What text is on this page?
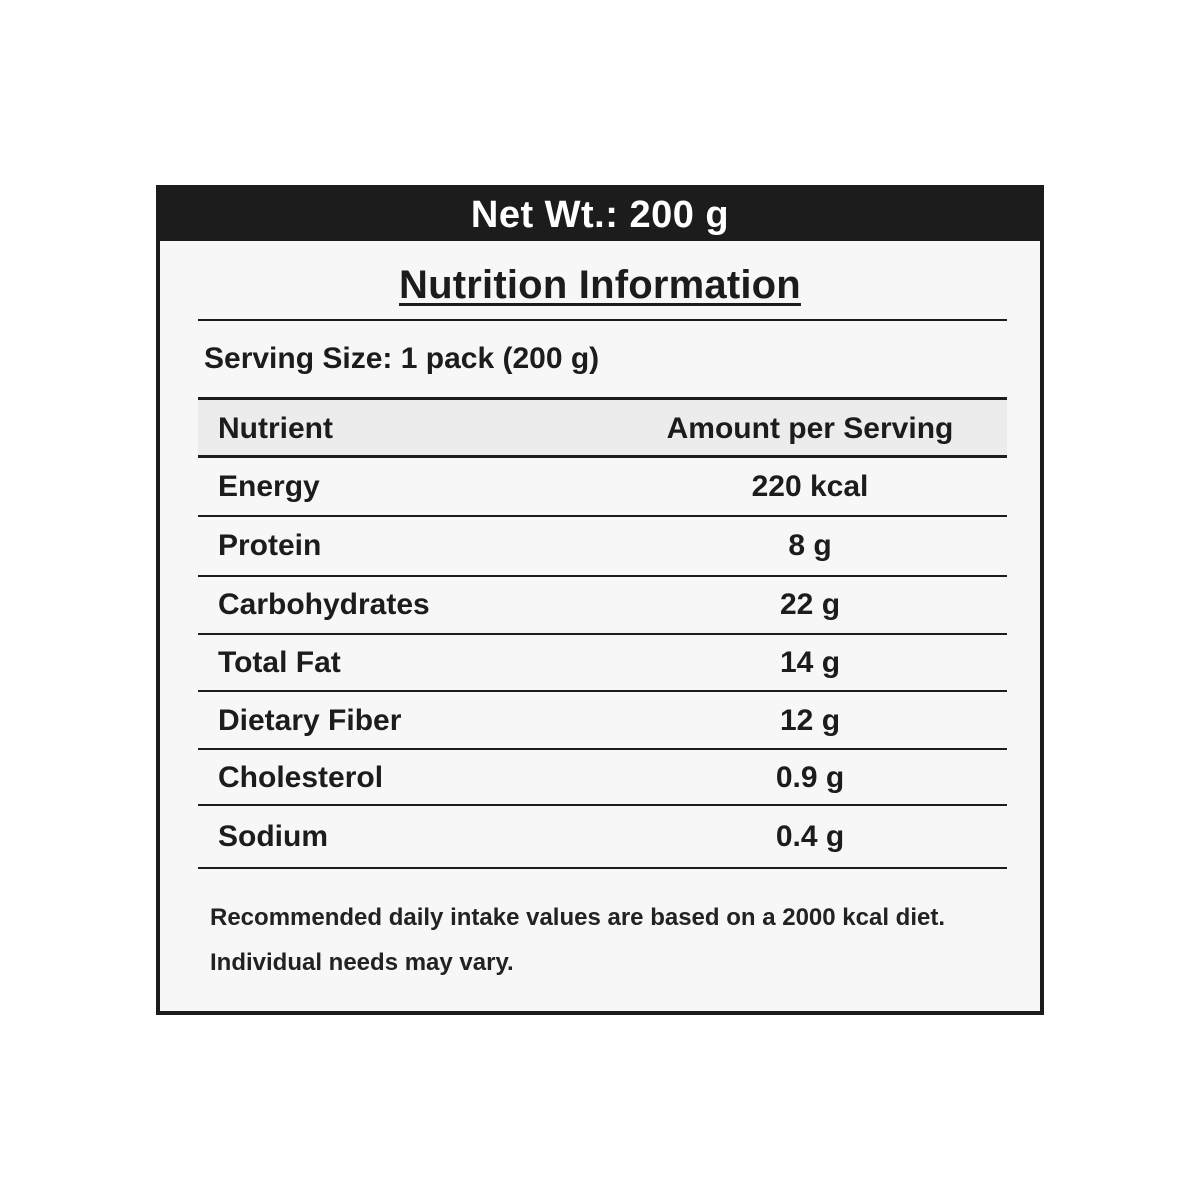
Net Wt.: 200 g
Nutrition Information
Serving Size: 1 pack (200 g)
Nutrient	Amount per Serving
Energy	220 kcal
Protein	8 g
Carbohydrates	22 g
Total Fat	14 g
Dietary Fiber	12 g
Cholesterol	0.9 g
Sodium	0.4 g
Recommended daily intake values are based on a 2000 kcal diet.
Individual needs may vary.
